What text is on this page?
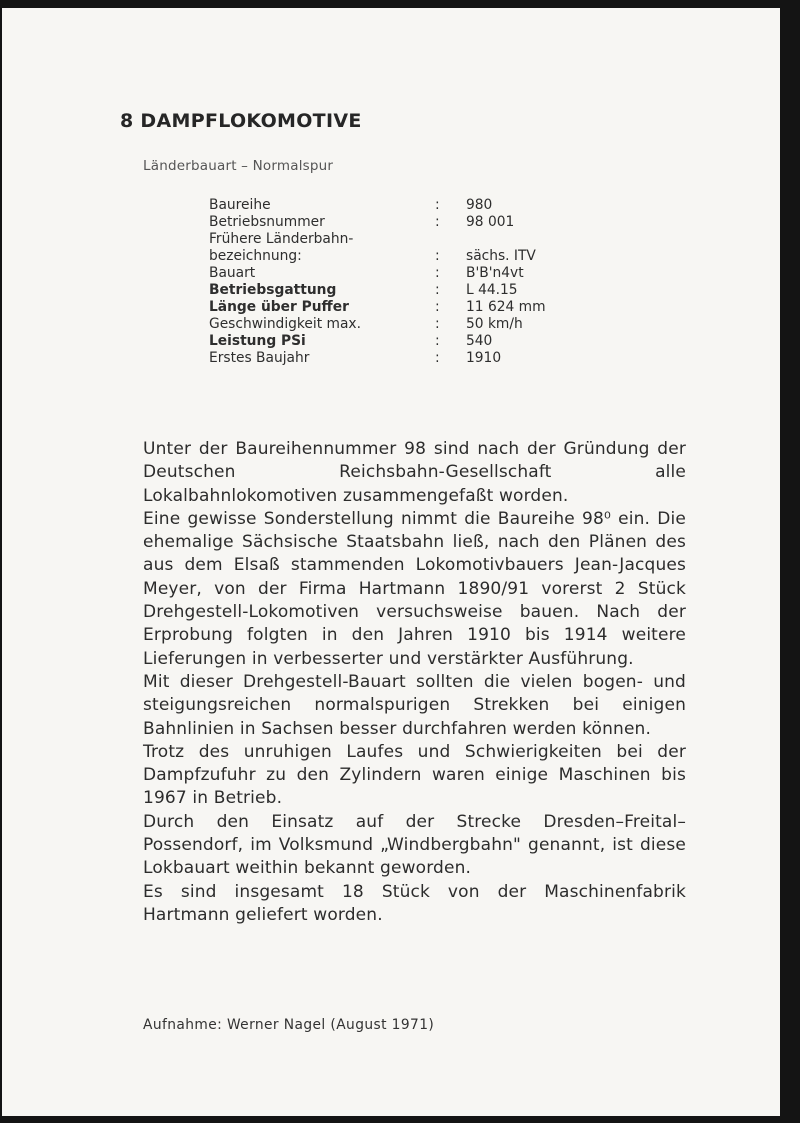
8 DAMPFLOKOMOTIVE
Länderbauart – Normalspur
Baureihe	: 980
Betriebsnummer	: 98 001
Frühere Länderbahn-
bezeichnung:	: sächs. ITV
Bauart	: B'B'n4vt
Betriebsgattung	: L 44.15
Länge über Puffer	: 11 624 mm
Geschwindigkeit max.	: 50 km/h
Leistung PSi	: 540
Erstes Baujahr	: 1910

Unter der Baureihennummer 98 sind nach der Gründung der Deutschen Reichsbahn-Gesellschaft alle Lokalbahnlokomotiven zusammengefaßt worden.

Eine gewisse Sonderstellung nimmt die Baureihe 98⁰ ein. Die ehemalige Sächsische Staatsbahn ließ, nach den Plänen des aus dem Elsaß stammenden Lokomotivbauers Jean-Jacques Meyer, von der Firma Hartmann 1890/91 vorerst 2 Stück Drehgestell-Lokomotiven versuchsweise bauen. Nach der Erprobung folgten in den Jahren 1910 bis 1914 weitere Lieferungen in verbesserter und verstärkter Ausführung.

Mit dieser Drehgestell-Bauart sollten die vielen bogen- und steigungsreichen normalspurigen Strekken bei einigen Bahnlinien in Sachsen besser durchfahren werden können.

Trotz des unruhigen Laufes und Schwierigkeiten bei der Dampfzufuhr zu den Zylindern waren einige Maschinen bis 1967 in Betrieb.

Durch den Einsatz auf der Strecke Dresden–Freital–Possendorf, im Volksmund „Windbergbahn" genannt, ist diese Lokbauart weithin bekannt geworden.

Es sind insgesamt 18 Stück von der Maschinenfabrik Hartmann geliefert worden.

Aufnahme: Werner Nagel (August 1971)
